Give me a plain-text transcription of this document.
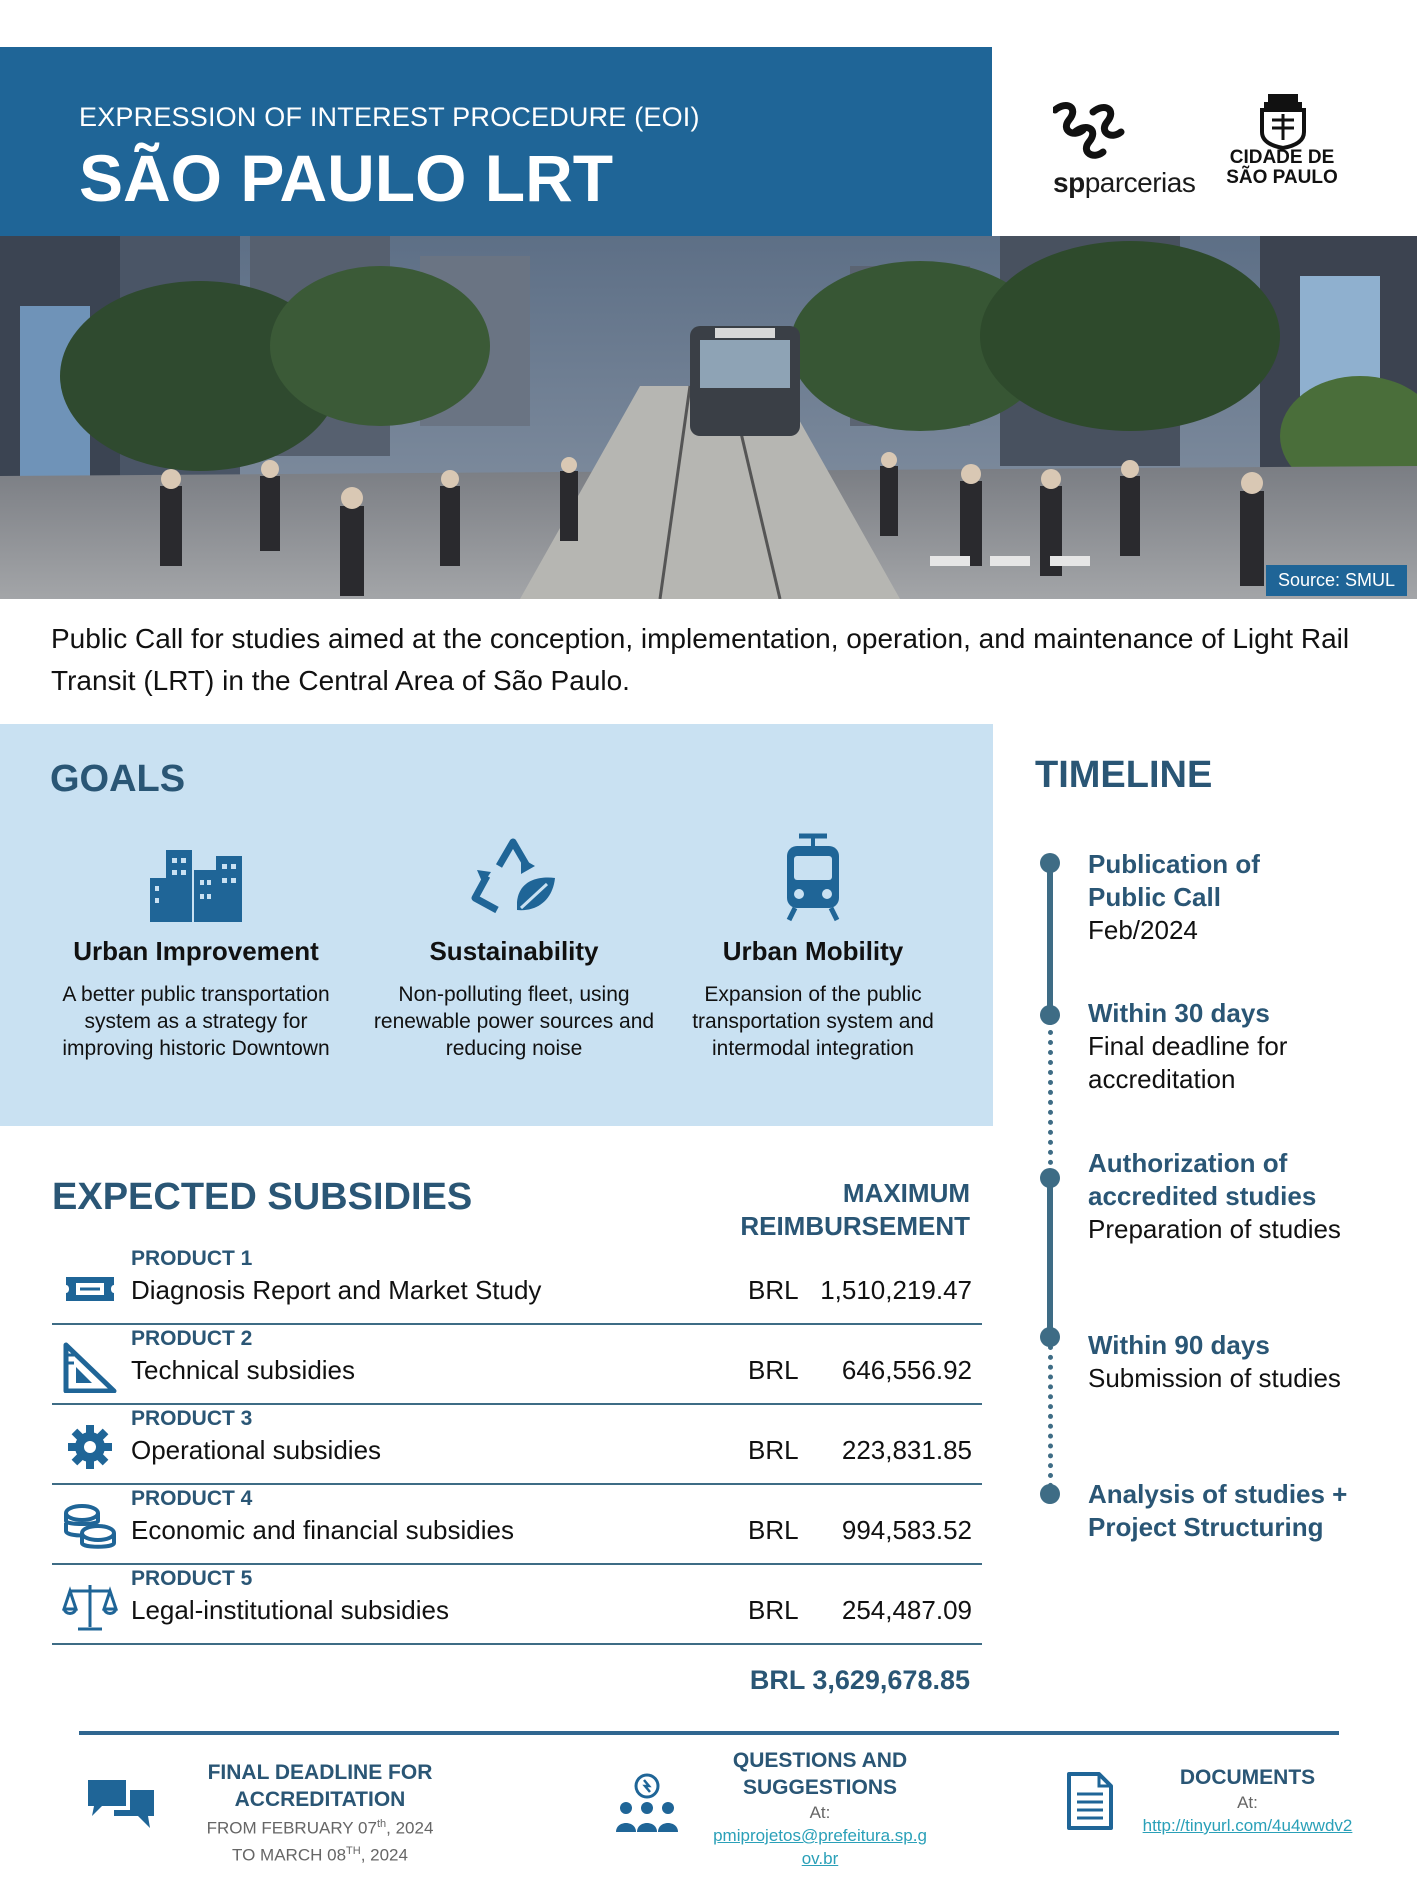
EXPRESSION OF INTEREST PROCEDURE (EOI)
SÃO PAULO LRT	spparcerias
CIDADE DE
SÃO PAULO
Source: SMUL
Public Call for studies aimed at the conception, implementation, operation, and maintenance of Light Rail Transit (LRT) in the Central Area of São Paulo.
GOALS
Urban Improvement
A better public transportation system as a strategy for improving historic Downtown
Sustainability
Non-polluting fleet, using renewable power sources and reducing noise
Urban Mobility
Expansion of the public transportation system and intermodal integration
EXPECTED SUBSIDIES	MAXIMUM
REIMBURSEMENT
PRODUCT 1
Diagnosis Report and Market Study	BRL 1,510,219.47
PRODUCT 2
Technical subsidies	BRL 646,556.92
PRODUCT 3
Operational subsidies	BRL 223,831.85
PRODUCT 4
Economic and financial subsidies	BRL 994,583.52
PRODUCT 5
Legal-institutional subsidies	BRL 254,487.09
BRL 3,629,678.85
TIMELINE
Publication of
Public Call
Feb/2024
Within 30 days
Final deadline for
accreditation
Authorization of
accredited studies
Preparation of studies
Within 90 days
Submission of studies
Analysis of studies +
Project Structuring
FINAL DEADLINE FOR
ACCREDITATION
FROM FEBRUARY 07th, 2024
TO MARCH 08TH, 2024
QUESTIONS AND
SUGGESTIONS
At:
pmiprojetos@prefeitura.sp.g
ov.br
DOCUMENTS
At:
http://tinyurl.com/4u4wwdv2
